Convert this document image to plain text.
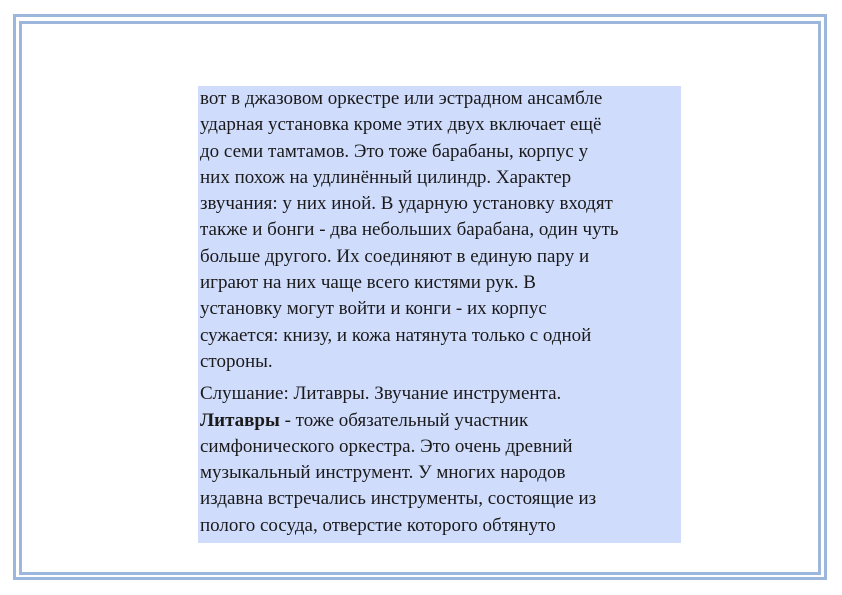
вот в джазовом оркестре или эстрадном ансамбле
ударная установка кроме этих двух включает ещё
до семи тамтамов. Это тоже барабаны, корпус у
них похож на удлинённый цилиндр. Характер
звучания: у них иной. В ударную установку входят
также и бонги - два небольших барабана, один чуть
больше другого. Их соединяют в единую пару и
играют на них чаще всего кистями рук. В
установку могут войти и конги - их корпус
сужается: книзу, и кожа натянута только с одной
стороны.

Слушание: Литавры. Звучание инструмента.
Литавры - тоже обязательный участник
симфонического оркестра. Это очень древний
музыкальный инструмент. У многих народов
издавна встречались инструменты, состоящие из
полого сосуда, отверстие которого обтянуто
